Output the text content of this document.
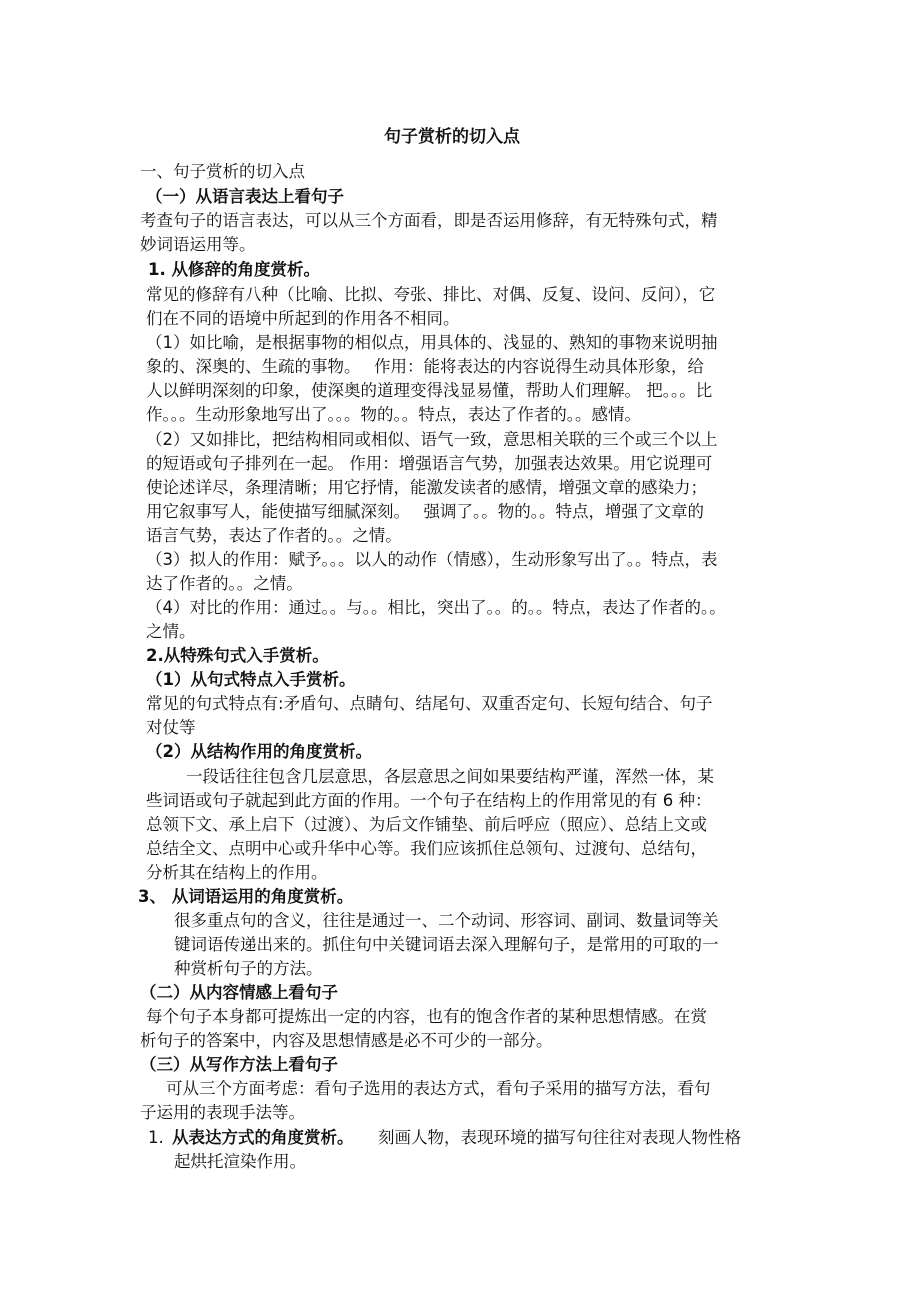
句子赏析的切入点
一、句子赏析的切入点
（一）从语言表达上看句子
考查句子的语言表达，可以从三个方面看，即是否运用修辞，有无特殊句式，精
妙词语运用等。
1. 从修辞的角度赏析。
常见的修辞有八种（比喻、比拟、夸张、排比、对偶、反复、设问、反问），它
们在不同的语境中所起到的作用各不相同。
（1）如比喻，是根据事物的相似点，用具体的、浅显的、熟知的事物来说明抽
象的、深奥的、生疏的事物。　 作用：能将表达的内容说得生动具体形象，给
人以鲜明深刻的印象，使深奥的道理变得浅显易懂，帮助人们理解。 把。。。比
作。。。生动形象地写出了。。。物的。。特点，表达了作者的。。感情。
（2）又如排比，把结构相同或相似、语气一致，意思相关联的三个或三个以上
的短语或句子排列在一起。 作用：增强语言气势，加强表达效果。用它说理可
使论述详尽，条理清晰；用它抒情，能激发读者的感情，增强文章的感染力；
用它叙事写人，能使描写细腻深刻。　 强调了。。物的。。特点，增强了文章的
语言气势，表达了作者的。。之情。
（3）拟人的作用：赋予。。。以人的动作（情感），生动形象写出了。。特点，表
达了作者的。。之情。
（4）对比的作用：通过。。与。。相比，突出了。。的。。特点，表达了作者的。。
之情。
2.从特殊句式入手赏析。
（1）从句式特点入手赏析。
常见的句式特点有:矛盾句、点睛句、结尾句、双重否定句、长短句结合、句子
对仗等
（2）从结构作用的角度赏析。
一段话往往包含几层意思，各层意思之间如果要结构严谨，浑然一体，某
些词语或句子就起到此方面的作用。一个句子在结构上的作用常见的有 6 种：
总领下文、承上启下（过渡）、为后文作铺垫、前后呼应（照应）、总结上文或
总结全文、点明中心或升华中心等。我们应该抓住总领句、过渡句、总结句，
分析其在结构上的作用。
3、 从词语运用的角度赏析。
很多重点句的含义，往往是通过一、二个动词、形容词、副词、数量词等关
键词语传递出来的。抓住句中关键词语去深入理解句子，是常用的可取的一
种赏析句子的方法。
（二）从内容情感上看句子
每个句子本身都可提炼出一定的内容，也有的饱含作者的某种思想情感。在赏
析句子的答案中，内容及思想情感是必不可少的一部分。
（三）从写作方法上看句子
可从三个方面考虑：看句子选用的表达方式，看句子采用的描写方法，看句
子运用的表现手法等。
1. 从表达方式的角度赏析。 刻画人物，表现环境的描写句往往对表现人物性格
起烘托渲染作用。
